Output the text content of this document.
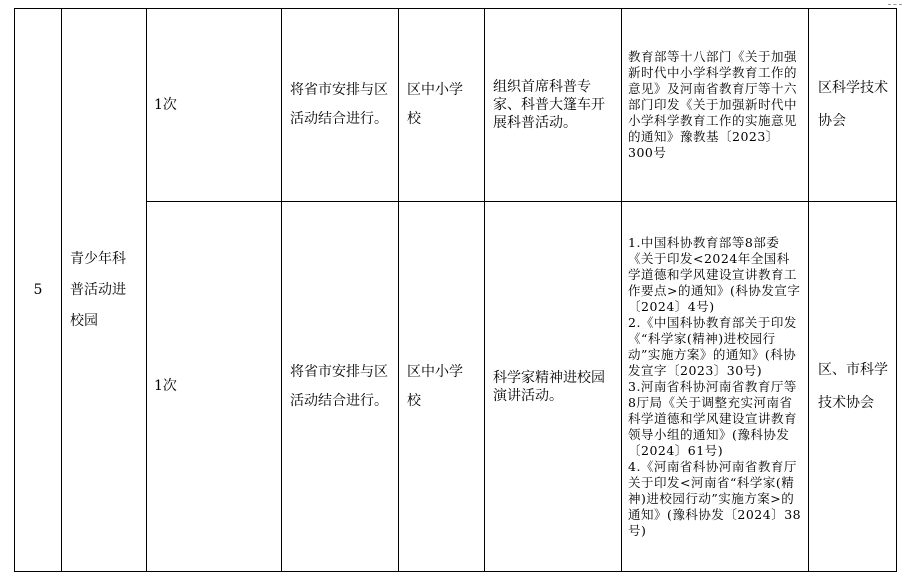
5	青少年科普活动进校园	1次	将省市安排与区活动结合进行。	区中小学校	组织首席科普专家、科普大篷车开展科普活动。	教育部等十八部门《关于加强新时代中小学科学教育工作的意见》及河南省教育厅等十六部门印发《关于加强新时代中小学科学教育工作的实施意见的通知》豫教基〔2023〕300号	区科学技术协会
		1次	将省市安排与区活动结合进行。	区中小学校	科学家精神进校园演讲活动。	1.中国科协教育部等8部委《关于印发<2024年全国科学道德和学风建设宣讲教育工作要点>的通知》(科协发宣字〔2024〕4号)
2.《中国科协教育部关于印发《“科学家(精神)进校园行动”实施方案》的通知》(科协发宣字〔2023〕30号)
3.河南省科协河南省教育厅等8厅局《关于调整充实河南省科学道德和学风建设宣讲教育领导小组的通知》(豫科协发〔2024〕61号)
4.《河南省科协河南省教育厅关于印发<河南省“科学家(精神)进校园行动”实施方案>的通知》(豫科协发〔2024〕38号)	区、市科学技术协会
